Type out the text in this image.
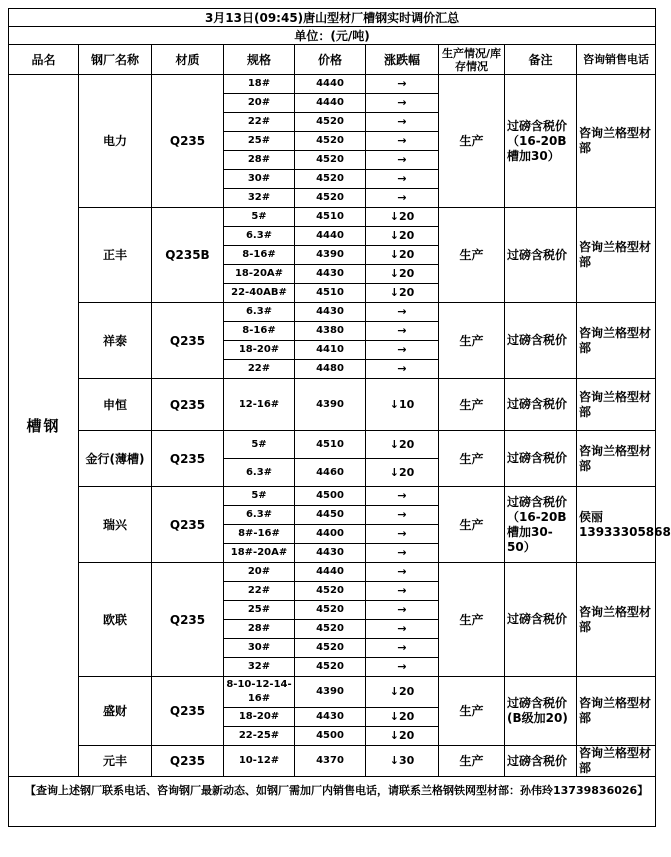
3月13日(09:45)唐山型材厂槽钢实时调价汇总								
单位：(元/吨)								
品名	钢厂名称	材质	规格	价格	涨跌幅	生产情况/库存情况	备注	咨询销售电话
槽钢	电力	Q235	18#	4440	→	生产	过磅含税价（16-20B槽加30）	咨询兰格型材部
			20#	4440	→			
			22#	4520	→			
			25#	4520	→			
			28#	4520	→			
			30#	4520	→			
			32#	4520	→			
	正丰	Q235B	5#	4510	↓20	生产	过磅含税价	咨询兰格型材部
			6.3#	4440	↓20			
			8-16#	4390	↓20			
			18-20A#	4430	↓20			
			22-40AB#	4510	↓20			
	祥泰	Q235	6.3#	4430	→	生产	过磅含税价	咨询兰格型材部
			8-16#	4380	→			
			18-20#	4410	→			
			22#	4480	→			
	申恒	Q235	12-16#	4390	↓10	生产	过磅含税价	咨询兰格型材部
	金行(薄槽)	Q235	5#	4510	↓20	生产	过磅含税价	咨询兰格型材部
			6.3#	4460	↓20			
	瑞兴	Q235	5#	4500	→	生产	过磅含税价（16-20B槽加30-50）	侯丽13933305868
			6.3#	4450	→			
			8#-16#	4400	→			
			18#-20A#	4430	→			
	欧联	Q235	20#	4440	→	生产	过磅含税价	咨询兰格型材部
			22#	4520	→			
			25#	4520	→			
			28#	4520	→			
			30#	4520	→			
			32#	4520	→			
	盛财	Q235	8-10-12-14-16#	4390	↓20	生产	过磅含税价(B级加20)	咨询兰格型材部
			18-20#	4430	↓20			
			22-25#	4500	↓20			
	元丰	Q235	10-12#	4370	↓30	生产	过磅含税价	咨询兰格型材部
【查询上述钢厂联系电话、咨询钢厂最新动态、如钢厂需加厂内销售电话，请联系兰格钢铁网型材部：孙伟玲13739836026】								
